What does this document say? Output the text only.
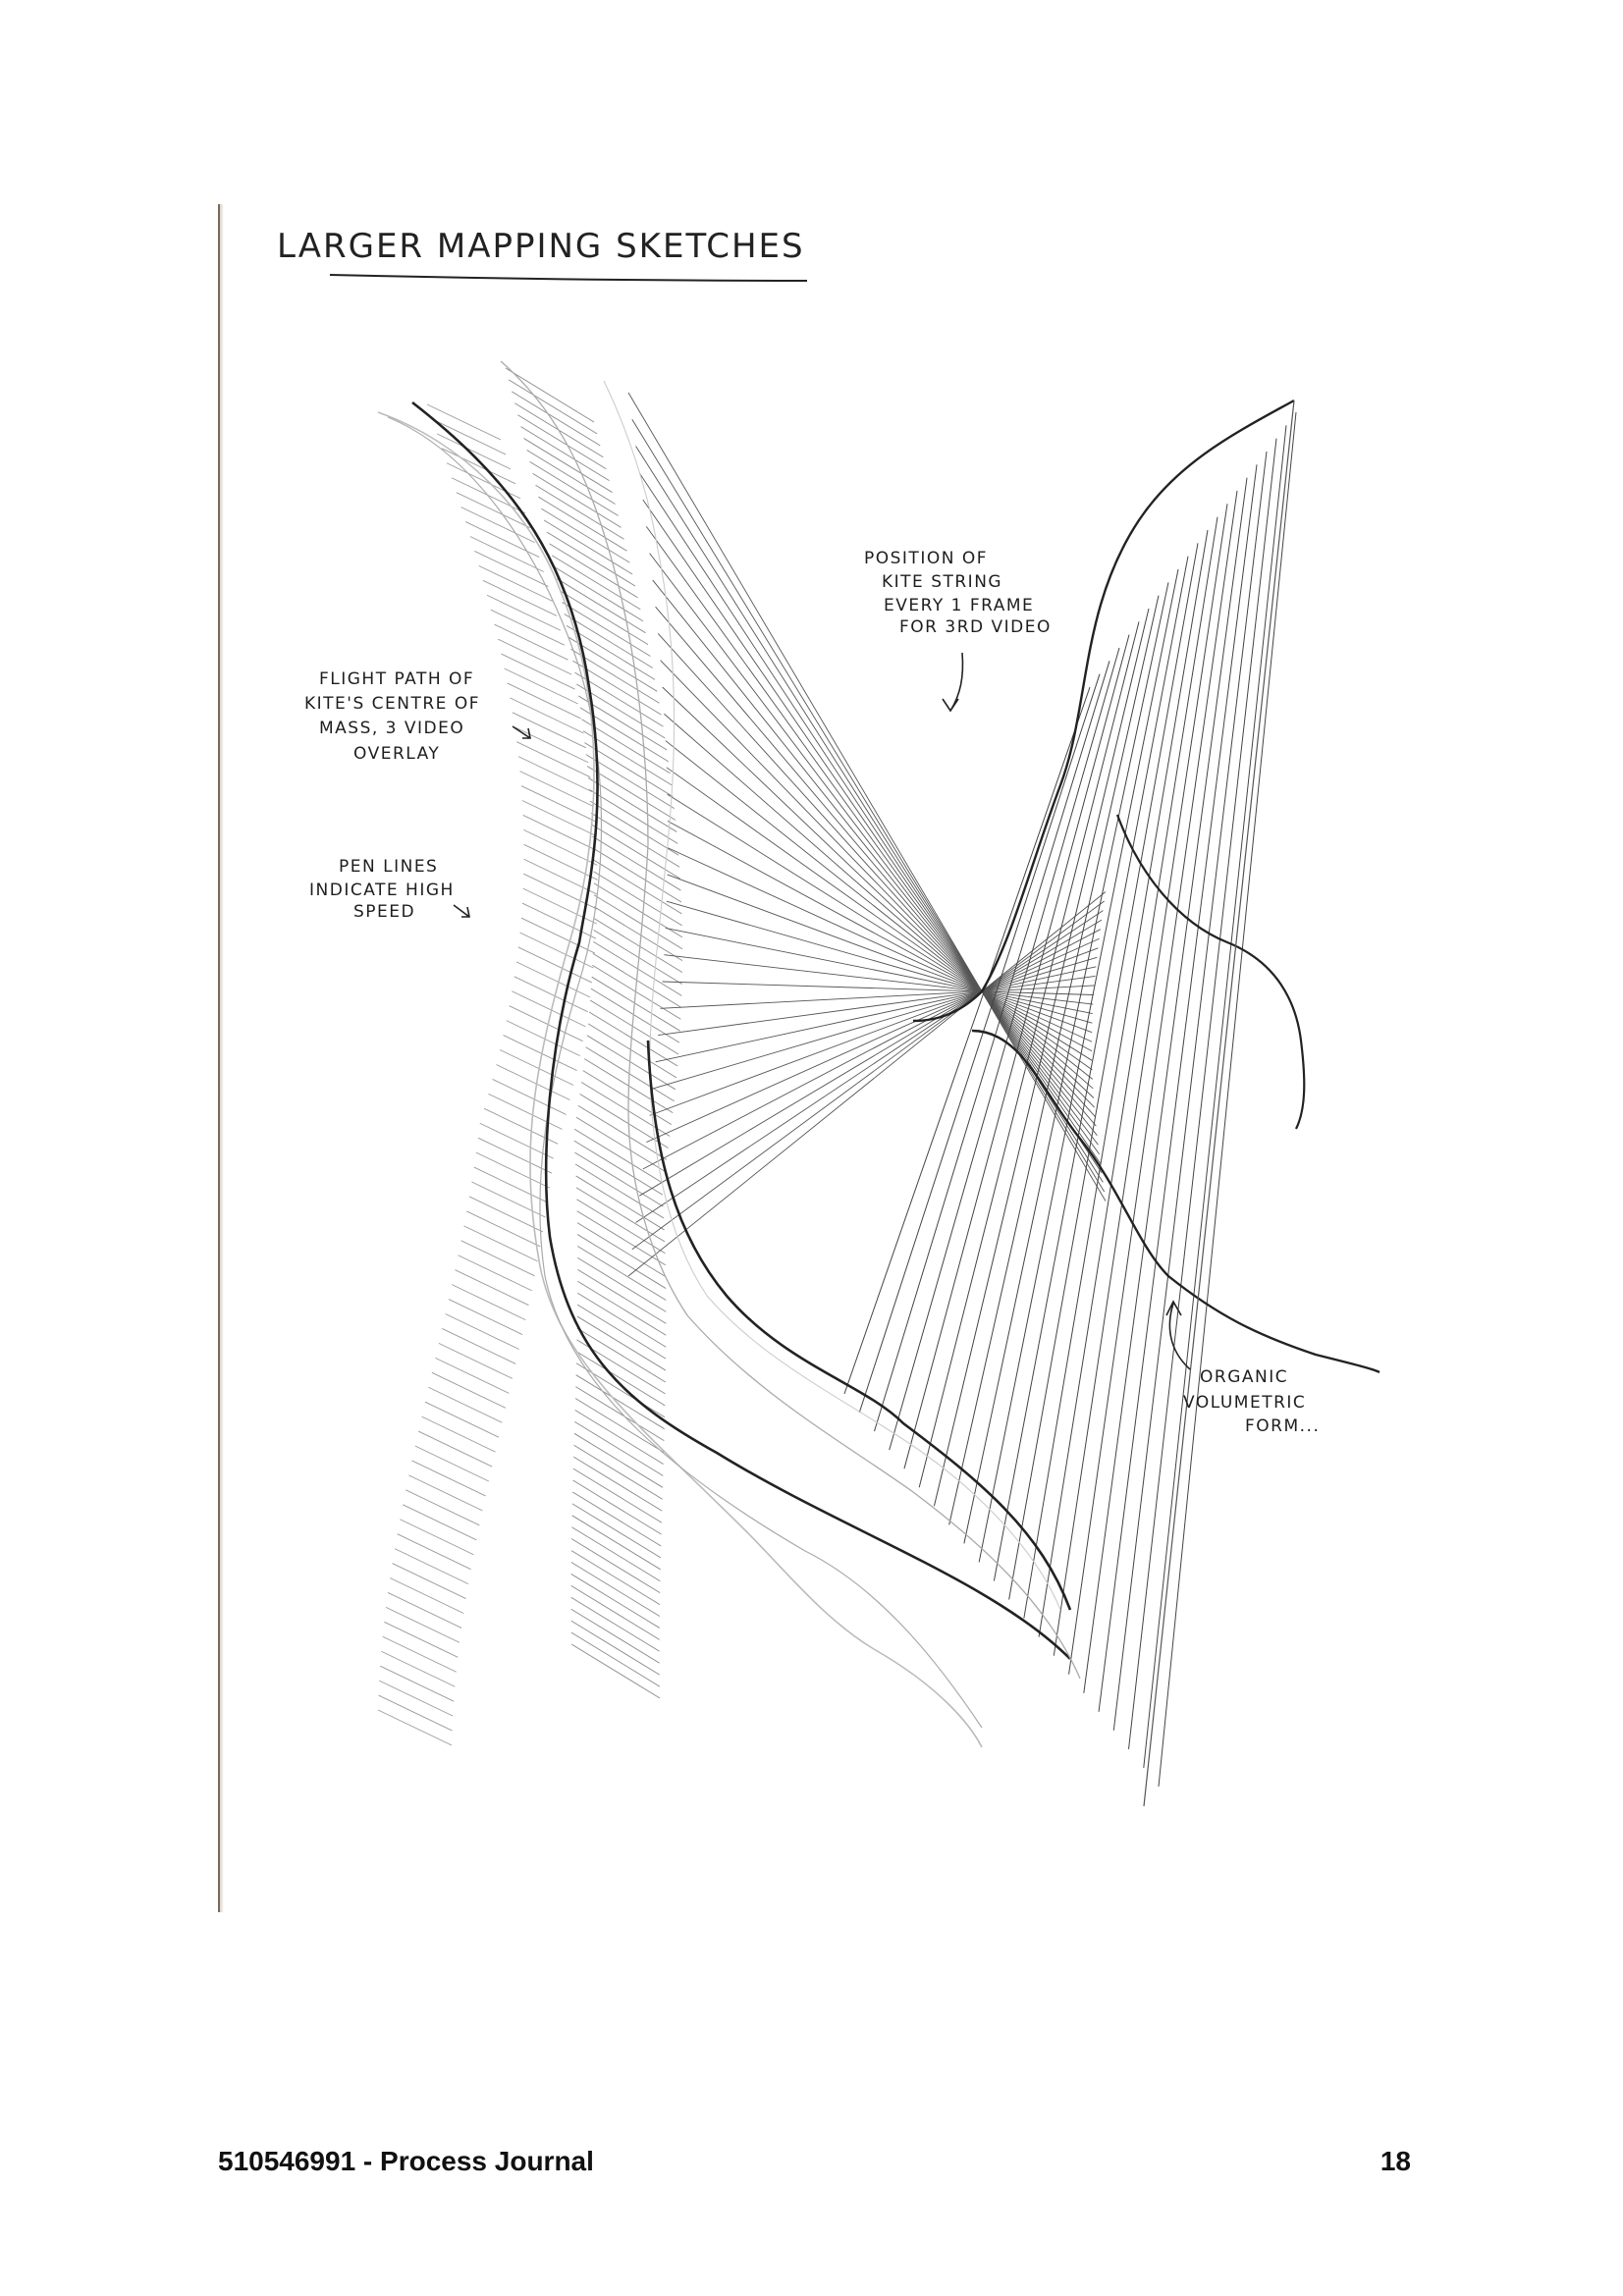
LARGER MAPPING SKETCHES
POSITION OF
KITE STRING
EVERY 1 FRAME
FOR 3RD VIDEO
FLIGHT PATH OF
KITE'S CENTRE OF
MASS, 3 VIDEO
OVERLAY
PEN LINES
INDICATE HIGH
SPEED
ORGANIC
VOLUMETRIC
FORM...
510546991 - Process Journal	18
